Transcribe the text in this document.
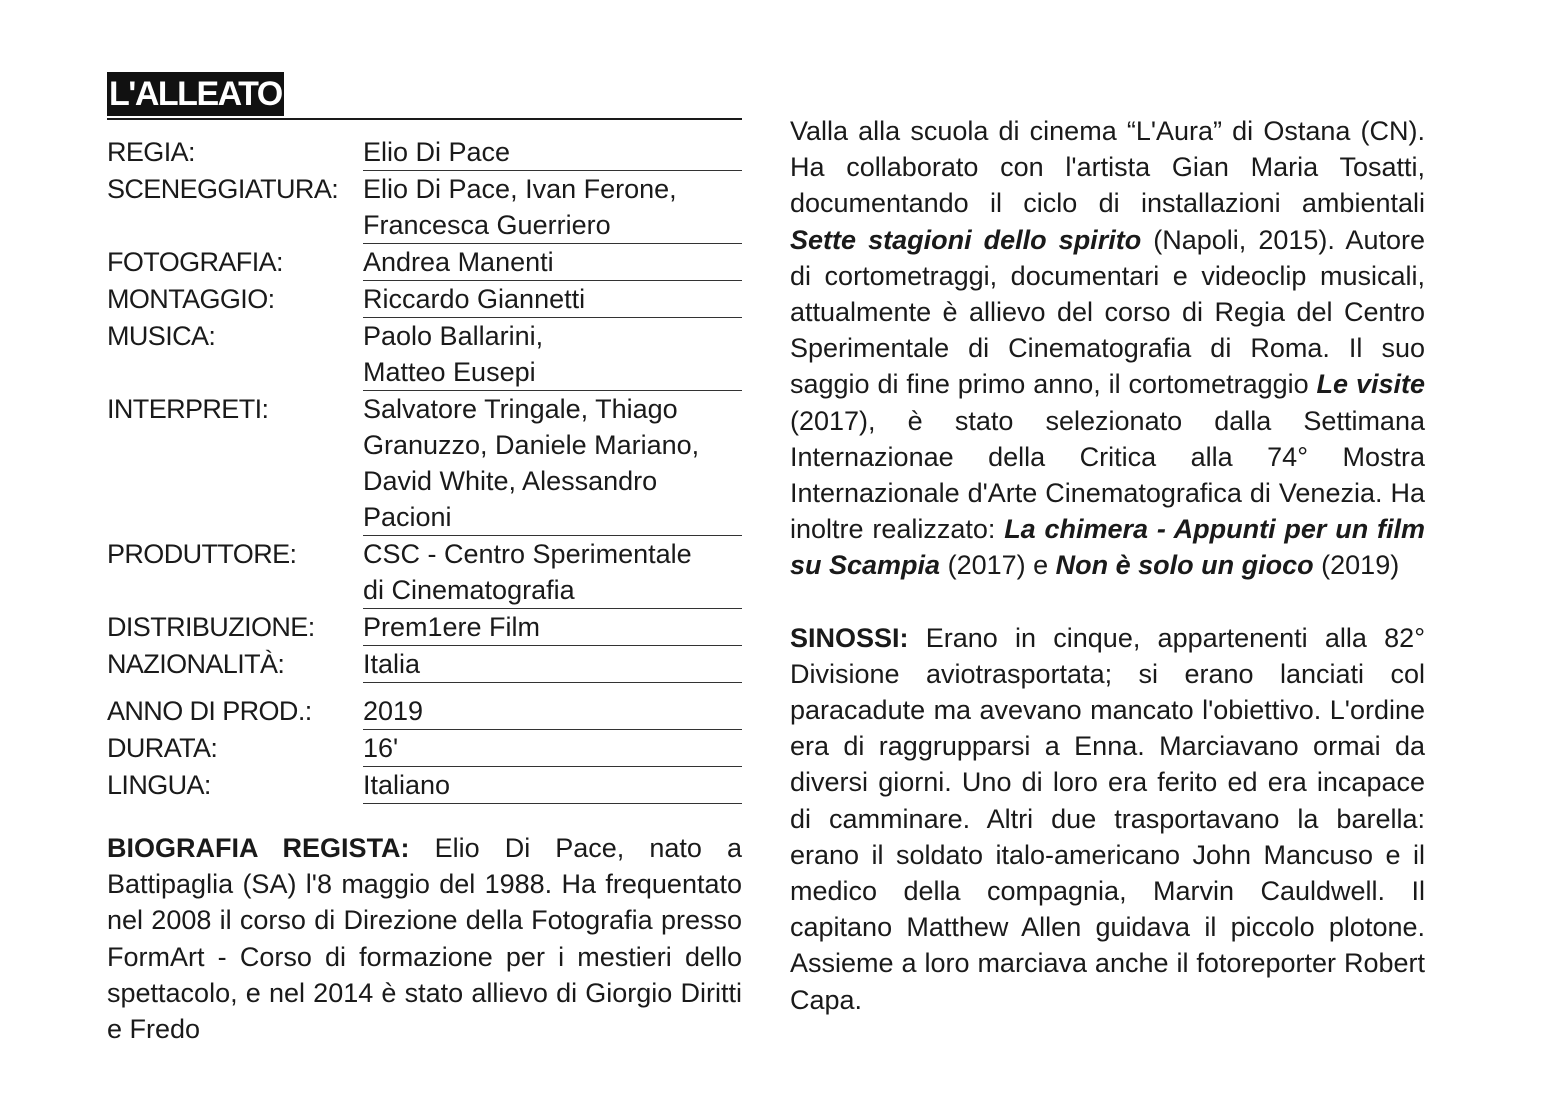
L'ALLEATO
REGIA:	Elio Di Pace
SCENEGGIATURA: Elio Di Pace, Ivan Ferone,
Francesca Guerriero
FOTOGRAFIA:	Andrea Manenti
MONTAGGIO:	Riccardo Giannetti
MUSICA:	Paolo Ballarini,
Matteo Eusepi
INTERPRETI:	Salvatore Tringale, Thiago
Granuzzo, Daniele Mariano,
David White, Alessandro
Pacioni
PRODUTTORE:	CSC - Centro Sperimentale
di Cinematografia
DISTRIBUZIONE:	Prem1ere Film
NAZIONALITÀ:	Italia
ANNO DI PROD.:	2019
DURATA:	16'
LINGUA:	Italiano

BIOGRAFIA REGISTA: Elio Di Pace, nato a Battipaglia (SA) l'8 maggio del 1988. Ha frequentato nel 2008 il corso di Direzione della Fotografia presso FormArt - Corso di formazione per i mestieri dello spettacolo, e nel 2014 è stato allievo di Giorgio Diritti e Fredo

Valla alla scuola di cinema “L'Aura” di Ostana (CN). Ha collaborato con l'artista Gian Maria Tosatti, documentando il ciclo di installazioni ambientali Sette stagioni dello spirito (Napoli, 2015). Autore di cortometraggi, documentari e videoclip musicali, attualmente è allievo del corso di Regia del Centro Sperimentale di Cinematografia di Roma. Il suo saggio di fine primo anno, il cortometraggio Le visite (2017), è stato selezionato dalla Settimana Internazionae della Critica alla 74° Mostra Internazionale d'Arte Cinematografica di Venezia. Ha inoltre realizzato: La chimera - Appunti per un film su Scampia (2017) e Non è solo un gioco (2019)

SINOSSI: Erano in cinque, appartenenti alla 82° Divisione aviotrasportata; si erano lanciati col paracadute ma avevano mancato l'obiettivo. L'ordine era di raggrupparsi a Enna. Marciavano ormai da diversi giorni. Uno di loro era ferito ed era incapace di camminare. Altri due trasportavano la barella: erano il soldato italo-americano John Mancuso e il medico della compagnia, Marvin Cauldwell. Il capitano Matthew Allen guidava il piccolo plotone. Assieme a loro marciava anche il fotoreporter Robert Capa.
